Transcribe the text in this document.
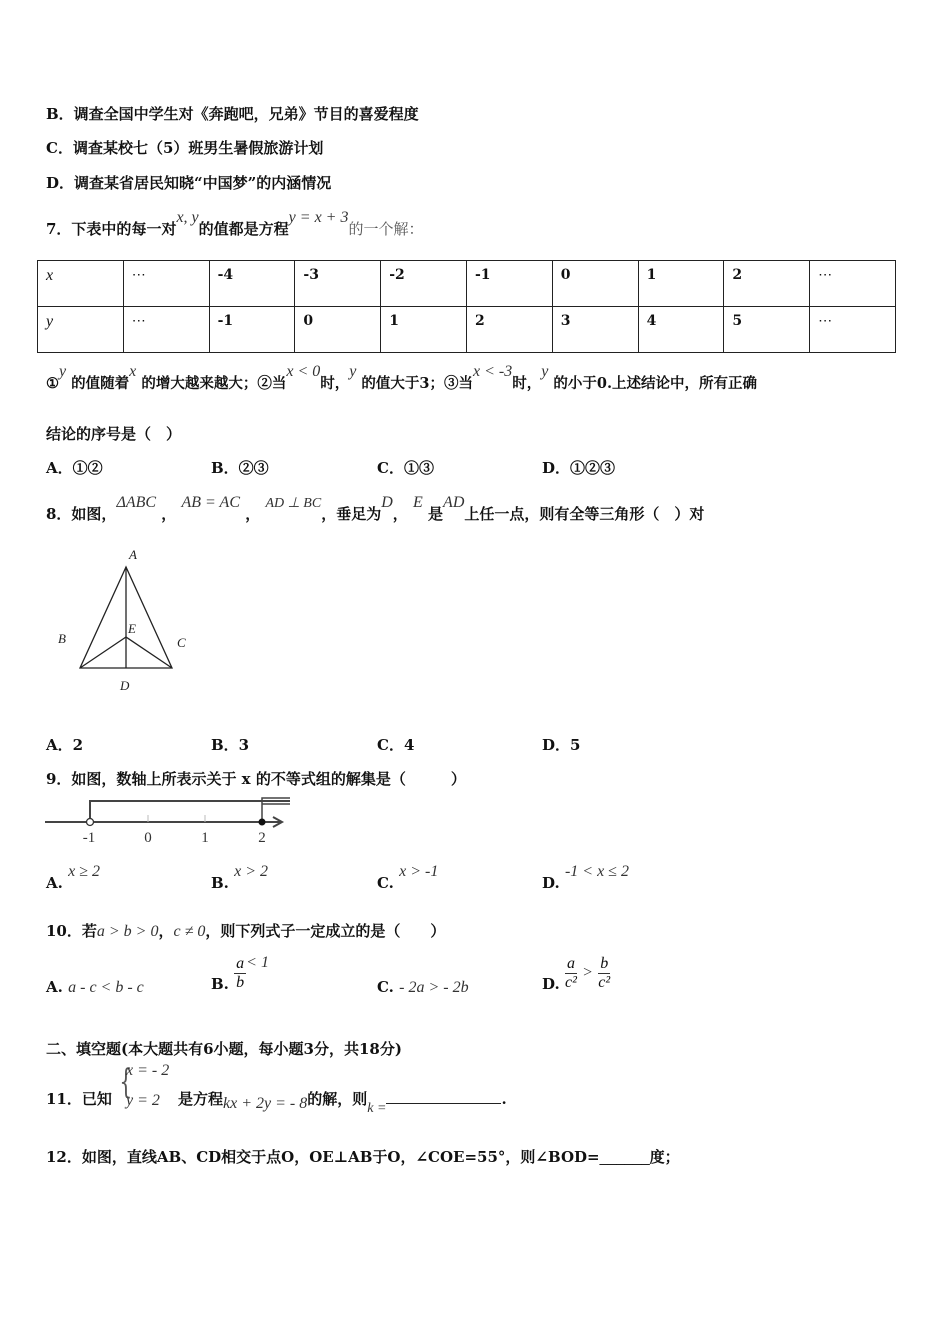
B．调查全国中学生对《奔跑吧，兄弟》节目的喜爱程度
C．调查某校七（5）班男生暑假旅游计划
D．调查某省居民知晓“中国梦”的内涵情况
7．下表中的每一对x, y的值都是方程y = x + 3的一个解：
x	⋯	-4	-3	-2	-1	0	1	2	⋯
y	⋯	-1	0	1	2	3	4	5	⋯
①y 的值随着x 的增大越来越大；②当x < 0时，y 的值大于3；③当x < -3时，y 的小于0.上述结论中，所有正确
结论的序号是（　）
A．①②	B．②③	C．①③	D．①②③
8．如图，ΔABC ， AB = AC ， AD ⊥ BC，垂足为D， E 是AD上任一点，则有全等三角形（　）对
A
B	C
E
D
A．2	B．3	C．4	D．5
9．如图，数轴上所表示关于 x 的不等式组的解集是（　　　）
-1	0	1	2
A. x ≥ 2
B. x > 2
C. x > -1
D. -1 < x ≤ 2
10．若a > b > 0，c ≠ 0，则下列式子一定成立的是（　　）
A. a - c < b - c	B. $\frac{a}{b} < 1$
C. - 2a > - 2b	D. $\frac{a}{\text{c²}} > \frac{b}{\text{c²}}$
二、填空题(本大题共有6小题，每小题3分，共18分)
11．已知 {
x = - 2
y = 2 是方程kx + 2y = - 8的解，则k =.
12．如图，直线AB、CD相交于点O，OE⊥AB于O，∠COE=55°，则∠BOD=______度；
